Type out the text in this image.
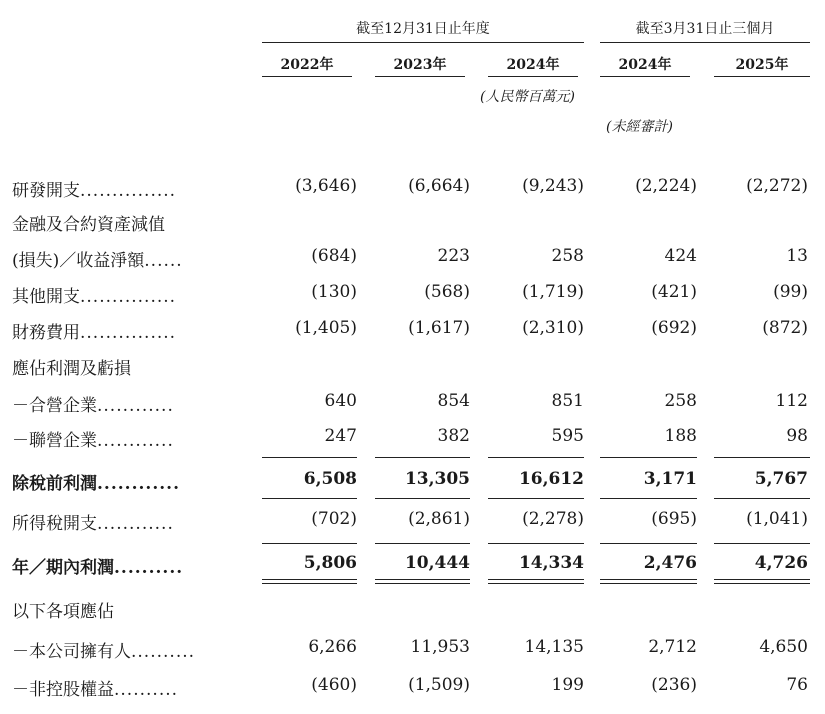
截至12月31日止年度	截至3月31日止三個月
2022年	2023年	2024年	2024年	2025年
(人民幣百萬元)
(未經審計)
研發開支...............	(3,646)	(6,664)	(9,243)	(2,224)	(2,272)
金融及合約資產減值
(損失)／收益淨額......	(684)	223	258	424	13
其他開支...............	(130)	(568)	(1,719)	(421)	(99)
財務費用...............	(1,405)	(1,617)	(2,310)	(692)	(872)
應佔利潤及虧損
－合營企業............	640	854	851	258	112
－聯營企業............	247	382	595	188	98
除稅前利潤............	6,508	13,305	16,612	3,171	5,767
所得稅開支............	(702)	(2,861)	(2,278)	(695)	(1,041)
年／期內利潤..........	5,806	10,444	14,334	2,476	4,726
以下各項應佔
－本公司擁有人..........	6,266	11,953	14,135	2,712	4,650
－非控股權益..........	(460)	(1,509)	199	(236)	76
